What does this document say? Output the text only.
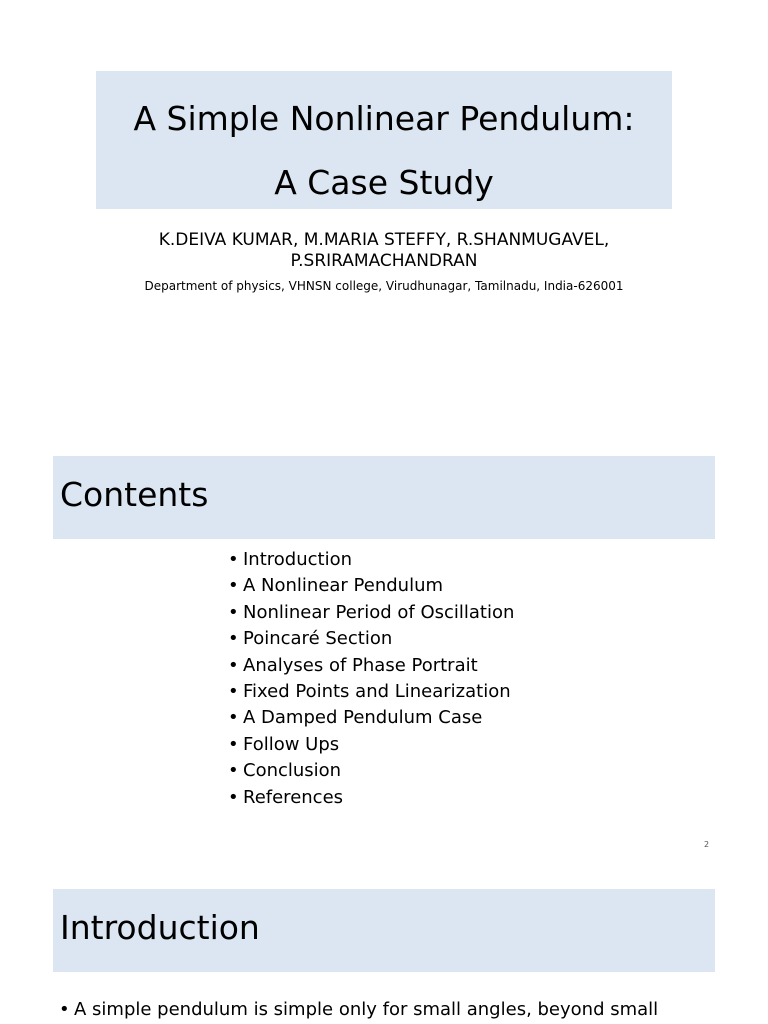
A Simple Nonlinear Pendulum:
A Case Study
K.DEIVA KUMAR, M.MARIA STEFFY, R.SHANMUGAVEL,
P.SRIRAMACHANDRAN
Department of physics, VHNSN college, Virudhunagar, Tamilnadu, India-626001
Contents
• Introduction
• A Nonlinear Pendulum
• Nonlinear Period of Oscillation
• Poincaré Section
• Analyses of Phase Portrait
• Fixed Points and Linearization
• A Damped Pendulum Case
• Follow Ups
• Conclusion
• References
2
Introduction
• A simple pendulum is simple only for small angles, beyond small
